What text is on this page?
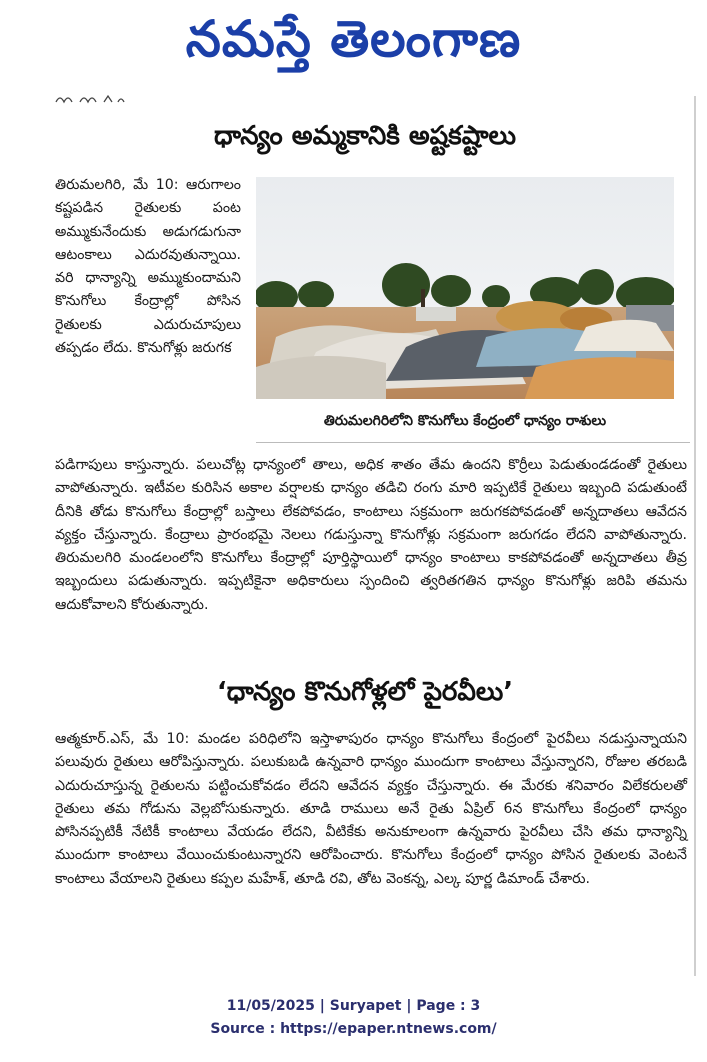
నమస్తే తెలంగాణ
ధాన్యం అమ్మకానికి అష్టకష్టాలు
తిరుమలగిరి, మే 10: ఆరుగాలం కష్టపడిన రైతులకు పంట అమ్ముకునేందుకు అడుగడుగునా ఆటంకాలు ఎదురవుతున్నాయి. వరి ధాన్యాన్ని అమ్ముకుందామని కొనుగోలు కేంద్రాల్లో పోసిన రైతులకు ఎదురుచూపులు తప్పడం లేదు. కొనుగోళ్లు జరుగక
తిరుమలగిరిలోని కొనుగోలు కేంద్రంలో ధాన్యం రాశులు
పడిగాపులు కాస్తున్నారు. పలుచోట్ల ధాన్యంలో తాలు, అధిక శాతం తేమ ఉందని కొర్రీలు పెడుతుండడంతో రైతులు వాపోతున్నారు. ఇటీవల కురిసిన అకాల వర్షాలకు ధాన్యం తడిచి రంగు మారి ఇప్పటికే రైతులు ఇబ్బంది పడుతుంటే దీనికి తోడు కొనుగోలు కేంద్రాల్లో బస్తాలు లేకపోవడం, కాంటాలు సక్రమంగా జరుగకపోవడంతో అన్నదాతలు ఆవేదన వ్యక్తం చేస్తున్నారు. కేంద్రాలు ప్రారంభమై నెలలు గడుస్తున్నా కొనుగోళ్లు సక్రమంగా జరుగడం లేదని వాపోతున్నారు. తిరుమలగిరి మండలంలోని కొనుగోలు కేంద్రాల్లో పూర్తిస్థాయిలో ధాన్యం కాంటాలు కాకపోవడంతో అన్నదాతలు తీవ్ర ఇబ్బందులు పడుతున్నారు. ఇప్పటికైనా అధికారులు స్పందించి త్వరితగతిన ధాన్యం కొనుగోళ్లు జరిపి తమను ఆదుకోవాలని కోరుతున్నారు.
‘ధాన్యం కొనుగోళ్లలో పైరవీలు’
ఆత్మకూర్.ఎస్, మే 10: మండల పరిధిలోని ఇస్తాళాపురం ధాన్యం కొనుగోలు కేంద్రంలో పైరవీలు నడుస్తున్నాయని పలువురు రైతులు ఆరోపిస్తున్నారు. పలుకుబడి ఉన్నవారి ధాన్యం ముందుగా కాంటాలు వేస్తున్నారని, రోజుల తరబడి ఎదురుచూస్తున్న రైతులను పట్టించుకోవడం లేదని ఆవేదన వ్యక్తం చేస్తున్నారు. ఈ మేరకు శనివారం విలేకరులతో రైతులు తమ గోడును వెల్లబోసుకున్నారు. తూడి రాములు అనే రైతు ఏప్రిల్ 6న కొనుగోలు కేంద్రంలో ధాన్యం పోసినప్పటికీ నేటికీ కాంటాలు వేయడం లేదని, వీటికేకు అనుకూలంగా ఉన్నవారు పైరవీలు చేసి తమ ధాన్యాన్ని ముందుగా కాంటాలు వేయించుకుంటున్నారని ఆరోపించారు. కొనుగోలు కేంద్రంలో ధాన్యం పోసిన రైతులకు వెంటనే కాంటాలు వేయాలని రైతులు కప్పల మహేశ్, తూడి రవి, తోట వెంకన్న, ఎల్క పూర్ణ డిమాండ్ చేశారు.
11/05/2025 | Suryapet | Page : 3
Source : https://epaper.ntnews.com/
